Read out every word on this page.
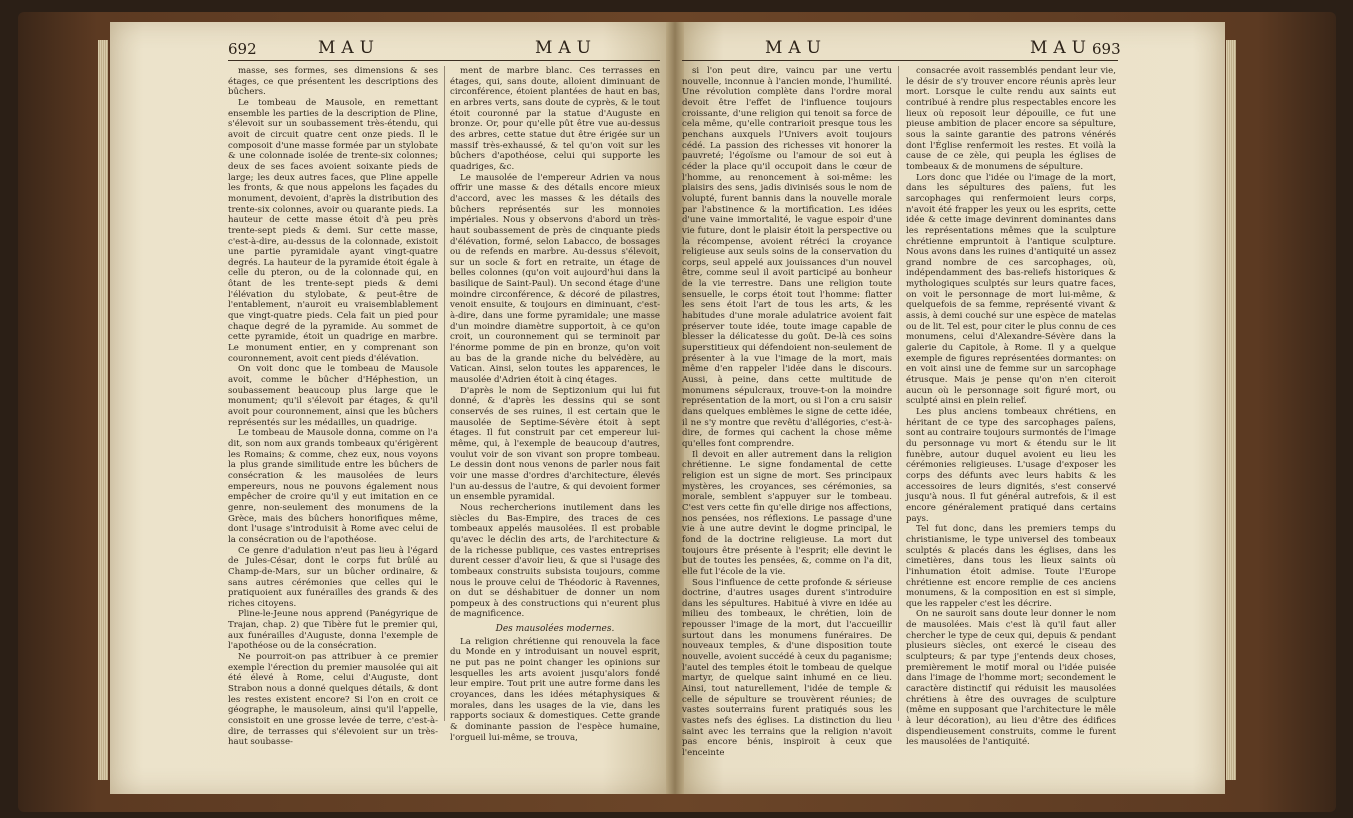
692	MAU	MAU	MAU	MAU 693

masse, ses formes, ses dimensions & ses étages, ce que présentent les descriptions des bûchers.

Le tombeau de Mausole, en remettant ensemble les parties de la description de Pline, s'élevoit sur un soubassement très-étendu, qui avoit de circuit quatre cent onze pieds. Il le composoit d'une masse formée par un stylobate & une colonnade isolée de trente-six colonnes; deux de ses faces avoient soixante pieds de large; les deux autres faces, que Pline appelle les fronts, & que nous appelons les façades du monument, devoient, d'après la distribution des trente-six colonnes, avoir ou quarante pieds. La hauteur de cette masse étoit d'à peu près trente-sept pieds & demi. Sur cette masse, c'est-à-dire, au-dessus de la colonnade, existoit une partie pyramidale ayant vingt-quatre degrés. La hauteur de la pyramide étoit égale à celle du pteron, ou de la colonnade qui, en ôtant de les trente-sept pieds & demi l'élévation du stylobate, & peut-être de l'entablement, n'auroit eu vraisemblablement que vingt-quatre pieds. Cela fait un pied pour chaque degré de la pyramide. Au sommet de cette pyramide, étoit un quadrige en marbre. Le monument entier, en y comprenant son couronnement, avoit cent pieds d'élévation.

On voit donc que le tombeau de Mausole avoit, comme le bûcher d'Héphestion, un soubassement beaucoup plus large que le monument; qu'il s'élevoit par étages, & qu'il avoit pour couronnement, ainsi que les bûchers représentés sur les médailles, un quadrige.

Le tombeau de Mausole donna, comme on l'a dit, son nom aux grands tombeaux qu'érigèrent les Romains; & comme, chez eux, nous voyons la plus grande similitude entre les bûchers de consécration & les mausolées de leurs empereurs, nous ne pouvons également nous empêcher de croire qu'il y eut imitation en ce genre, non-seulement des monumens de la Grèce, mais des bûchers honorifiques même, dont l'usage s'introduisit à Rome avec celui de la consécration ou de l'apothéose.

Ce genre d'adulation n'eut pas lieu à l'égard de Jules-César, dont le corps fut brûlé au Champ-de-Mars, sur un bûcher ordinaire, & sans autres cérémonies que celles qui le pratiquoient aux funérailles des grands & des riches citoyens.

Pline-le-Jeune nous apprend (Panégyrique de Trajan, chap. 2) que Tibère fut le premier qui, aux funérailles d'Auguste, donna l'exemple de l'apothéose ou de la consécration.

Ne pourroit-on pas attribuer à ce premier exemple l'érection du premier mausolée qui ait été élevé à Rome, celui d'Auguste, dont Strabon nous a donné quelques détails, & dont les restes existent encore? Si l'on en croit ce géographe, le mausoleum, ainsi qu'il l'appelle, consistoit en une grosse levée de terre, c'est-à-dire, de terrasses qui s'élevoient sur un très-haut soubasse-

ment de marbre blanc. Ces terrasses en étages, qui, sans doute, alloient diminuant de circonférence, étoient plantées de haut en bas, en arbres verts, sans doute de cyprès, & le tout étoit couronné par la statue d'Auguste en bronze. Or, pour qu'elle pût être vue au-dessus des arbres, cette statue dut être érigée sur un massif très-exhaussé, & tel qu'on voit sur les bûchers d'apothéose, celui qui supporte les quadriges, &c.

Le mausolée de l'empereur Adrien va nous offrir une masse & des détails encore mieux d'accord, avec les masses & les détails des bûchers représentés sur les monnoies impériales. Nous y observons d'abord un très-haut soubassement de près de cinquante pieds d'élévation, formé, selon Labacco, de bossages ou de refends en marbre. Au-dessus s'élevoit, sur un socle & fort en retraite, un étage de belles colonnes (qu'on voit aujourd'hui dans la basilique de Saint-Paul). Un second étage d'une moindre circonférence, & décoré de pilastres, venoit ensuite, & toujours en diminuant, c'est-à-dire, dans une forme pyramidale; une masse d'un moindre diamètre supportoit, à ce qu'on croit, un couronnement qui se terminoit par l'énorme pomme de pin en bronze, qu'on voit au bas de la grande niche du belvédère, au Vatican. Ainsi, selon toutes les apparences, le mausolée d'Adrien étoit à cinq étages.

D'après le nom de Septizonium qui lui fut donné, & d'après les dessins qui se sont conservés de ses ruines, il est certain que le mausolée de Septime-Sévère étoit à sept étages. Il fut construit par cet empereur lui-même, qui, à l'exemple de beaucoup d'autres, voulut voir de son vivant son propre tombeau. Le dessin dont nous venons de parler nous fait voir une masse d'ordres d'architecture, élevés l'un au-dessus de l'autre, & qui devoient former un ensemble pyramidal.

Nous rechercherions inutilement dans les siècles du Bas-Empire, des traces de ces tombeaux appelés mausolées. Il est probable qu'avec le déclin des arts, de l'architecture & de la richesse publique, ces vastes entreprises durent cesser d'avoir lieu, & que si l'usage des tombeaux construits subsista toujours, comme nous le prouve celui de Théodoric à Ravennes, on dut se déshabituer de donner un nom pompeux à des constructions qui n'eurent plus de magnificence.

Des mausolées modernes.

La religion chrétienne qui renouvela la face du Monde en y introduisant un nouvel esprit, ne put pas ne point changer les opinions sur lesquelles les arts avoient jusqu'alors fondé leur empire. Tout prit une autre forme dans les croyances, dans les idées métaphysiques & morales, dans les usages de la vie, dans les rapports sociaux & domestiques. Cette grande & dominante passion de l'espèce humaine, l'orgueil lui-même, se trouva,

si l'on peut dire, vaincu par une vertu nouvelle, inconnue à l'ancien monde, l'humilité. Une révolution complète dans l'ordre moral devoit être l'effet de l'influence toujours croissante, d'une religion qui tenoit sa force de cela même, qu'elle contrarioit presque tous les penchans auxquels l'Univers avoit toujours cédé. La passion des richesses vit honorer la pauvreté; l'égoïsme ou l'amour de soi eut à céder la place qu'il occupoit dans le cœur de l'homme, au renoncement à soi-même: les plaisirs des sens, jadis divinisés sous le nom de volupté, furent bannis dans la nouvelle morale par l'abstinence & la mortification. Les idées d'une vaine immortalité, le vague espoir d'une vie future, dont le plaisir étoit la perspective ou la récompense, avoient rétréci la croyance religieuse aux seuls soins de la conservation du corps, seul appelé aux jouissances d'un nouvel être, comme seul il avoit participé au bonheur de la vie terrestre. Dans une religion toute sensuelle, le corps étoit tout l'homme: flatter les sens étoit l'art de tous les arts, & les habitudes d'une morale adulatrice avoient fait préserver toute idée, toute image capable de blesser la délicatesse du goût. De-là ces soins superstitieux qui défendoient non-seulement de présenter à la vue l'image de la mort, mais même d'en rappeler l'idée dans le discours. Aussi, à peine, dans cette multitude de monumens sépulcraux, trouve-t-on la moindre représentation de la mort, ou si l'on a cru saisir dans quelques emblèmes le signe de cette idée, il ne s'y montre que revêtu d'allégories, c'est-à-dire, de formes qui cachent la chose même qu'elles font comprendre.

Il devoit en aller autrement dans la religion chrétienne. Le signe fondamental de cette religion est un signe de mort. Ses principaux mystères, les croyances, ses cérémonies, sa morale, semblent s'appuyer sur le tombeau. C'est vers cette fin qu'elle dirige nos affections, nos pensées, nos réflexions. Le passage d'une vie à une autre devint le dogme principal, le fond de la doctrine religieuse. La mort dut toujours être présente à l'esprit; elle devint le but de toutes les pensées, &, comme on l'a dit, elle fut l'école de la vie.

Sous l'influence de cette profonde & sérieuse doctrine, d'autres usages durent s'introduire dans les sépultures. Habitué à vivre en idée au milieu des tombeaux, le chrétien, loin de repousser l'image de la mort, dut l'accueillir surtout dans les monumens funéraires. De nouveaux temples, & d'une disposition toute nouvelle, avoient succédé à ceux du paganisme; l'autel des temples étoit le tombeau de quelque martyr, de quelque saint inhumé en ce lieu. Ainsi, tout naturellement, l'idée de temple & celle de sépulture se trouvèrent réunies; de vastes souterrains furent pratiqués sous les vastes nefs des églises. La distinction du lieu saint avec les terrains que la religion n'avoit pas encore bénis, inspiroit à ceux que l'enceinte

consacrée avoit rassemblés pendant leur vie, le désir de s'y trouver encore réunis après leur mort. Lorsque le culte rendu aux saints eut contribué à rendre plus respectables encore les lieux où reposoit leur dépouille, ce fut une pieuse ambition de placer encore sa sépulture, sous la sainte garantie des patrons vénérés dont l'Église renfermoit les restes. Et voilà la cause de ce zèle, qui peupla les églises de tombeaux & de monumens de sépulture.

Lors donc que l'idée ou l'image de la mort, dans les sépultures des païens, fut les sarcophages qui renfermoient leurs corps, n'avoit été frapper les yeux ou les esprits, cette idée & cette image devinrent dominantes dans les représentations mêmes que la sculpture chrétienne empruntoit à l'antique sculpture. Nous avons dans les ruines d'antiquité un assez grand nombre de ces sarcophages, où, indépendamment des bas-reliefs historiques & mythologiques sculptés sur leurs quatre faces, on voit le personnage de mort lui-même, & quelquefois de sa femme, représenté vivant & assis, à demi couché sur une espèce de matelas ou de lit. Tel est, pour citer le plus connu de ces monumens, celui d'Alexandre-Sévère dans la galerie du Capitole, à Rome. Il y a quelque exemple de figures représentées dormantes: on en voit ainsi une de femme sur un sarcophage étrusque. Mais je pense qu'on n'en citeroit aucun où le personnage soit figuré mort, ou sculpté ainsi en plein relief.

Les plus anciens tombeaux chrétiens, en héritant de ce type des sarcophages païens, sont au contraire toujours surmontés de l'image du personnage vu mort & étendu sur le lit funèbre, autour duquel avoient eu lieu les cérémonies religieuses. L'usage d'exposer les corps des défunts avec leurs habits & les accessoires de leurs dignités, s'est conservé jusqu'à nous. Il fut général autrefois, & il est encore généralement pratiqué dans certains pays.

Tel fut donc, dans les premiers temps du christianisme, le type universel des tombeaux sculptés & placés dans les églises, dans les cimetières, dans tous les lieux saints où l'inhumation étoit admise. Toute l'Europe chrétienne est encore remplie de ces anciens monumens, & la composition en est si simple, que les rappeler c'est les décrire.

On ne sauroit sans doute leur donner le nom de mausolées. Mais c'est là qu'il faut aller chercher le type de ceux qui, depuis & pendant plusieurs siècles, ont exercé le ciseau des sculpteurs; & par type j'entends deux choses, premièrement le motif moral ou l'idée puisée dans l'image de l'homme mort; secondement le caractère distinctif qui réduisit les mausolées chrétiens à être des ouvrages de sculpture (même en supposant que l'architecture le mêle à leur décoration), au lieu d'être des édifices dispendieusement construits, comme le furent les mausolées de l'antiquité.
